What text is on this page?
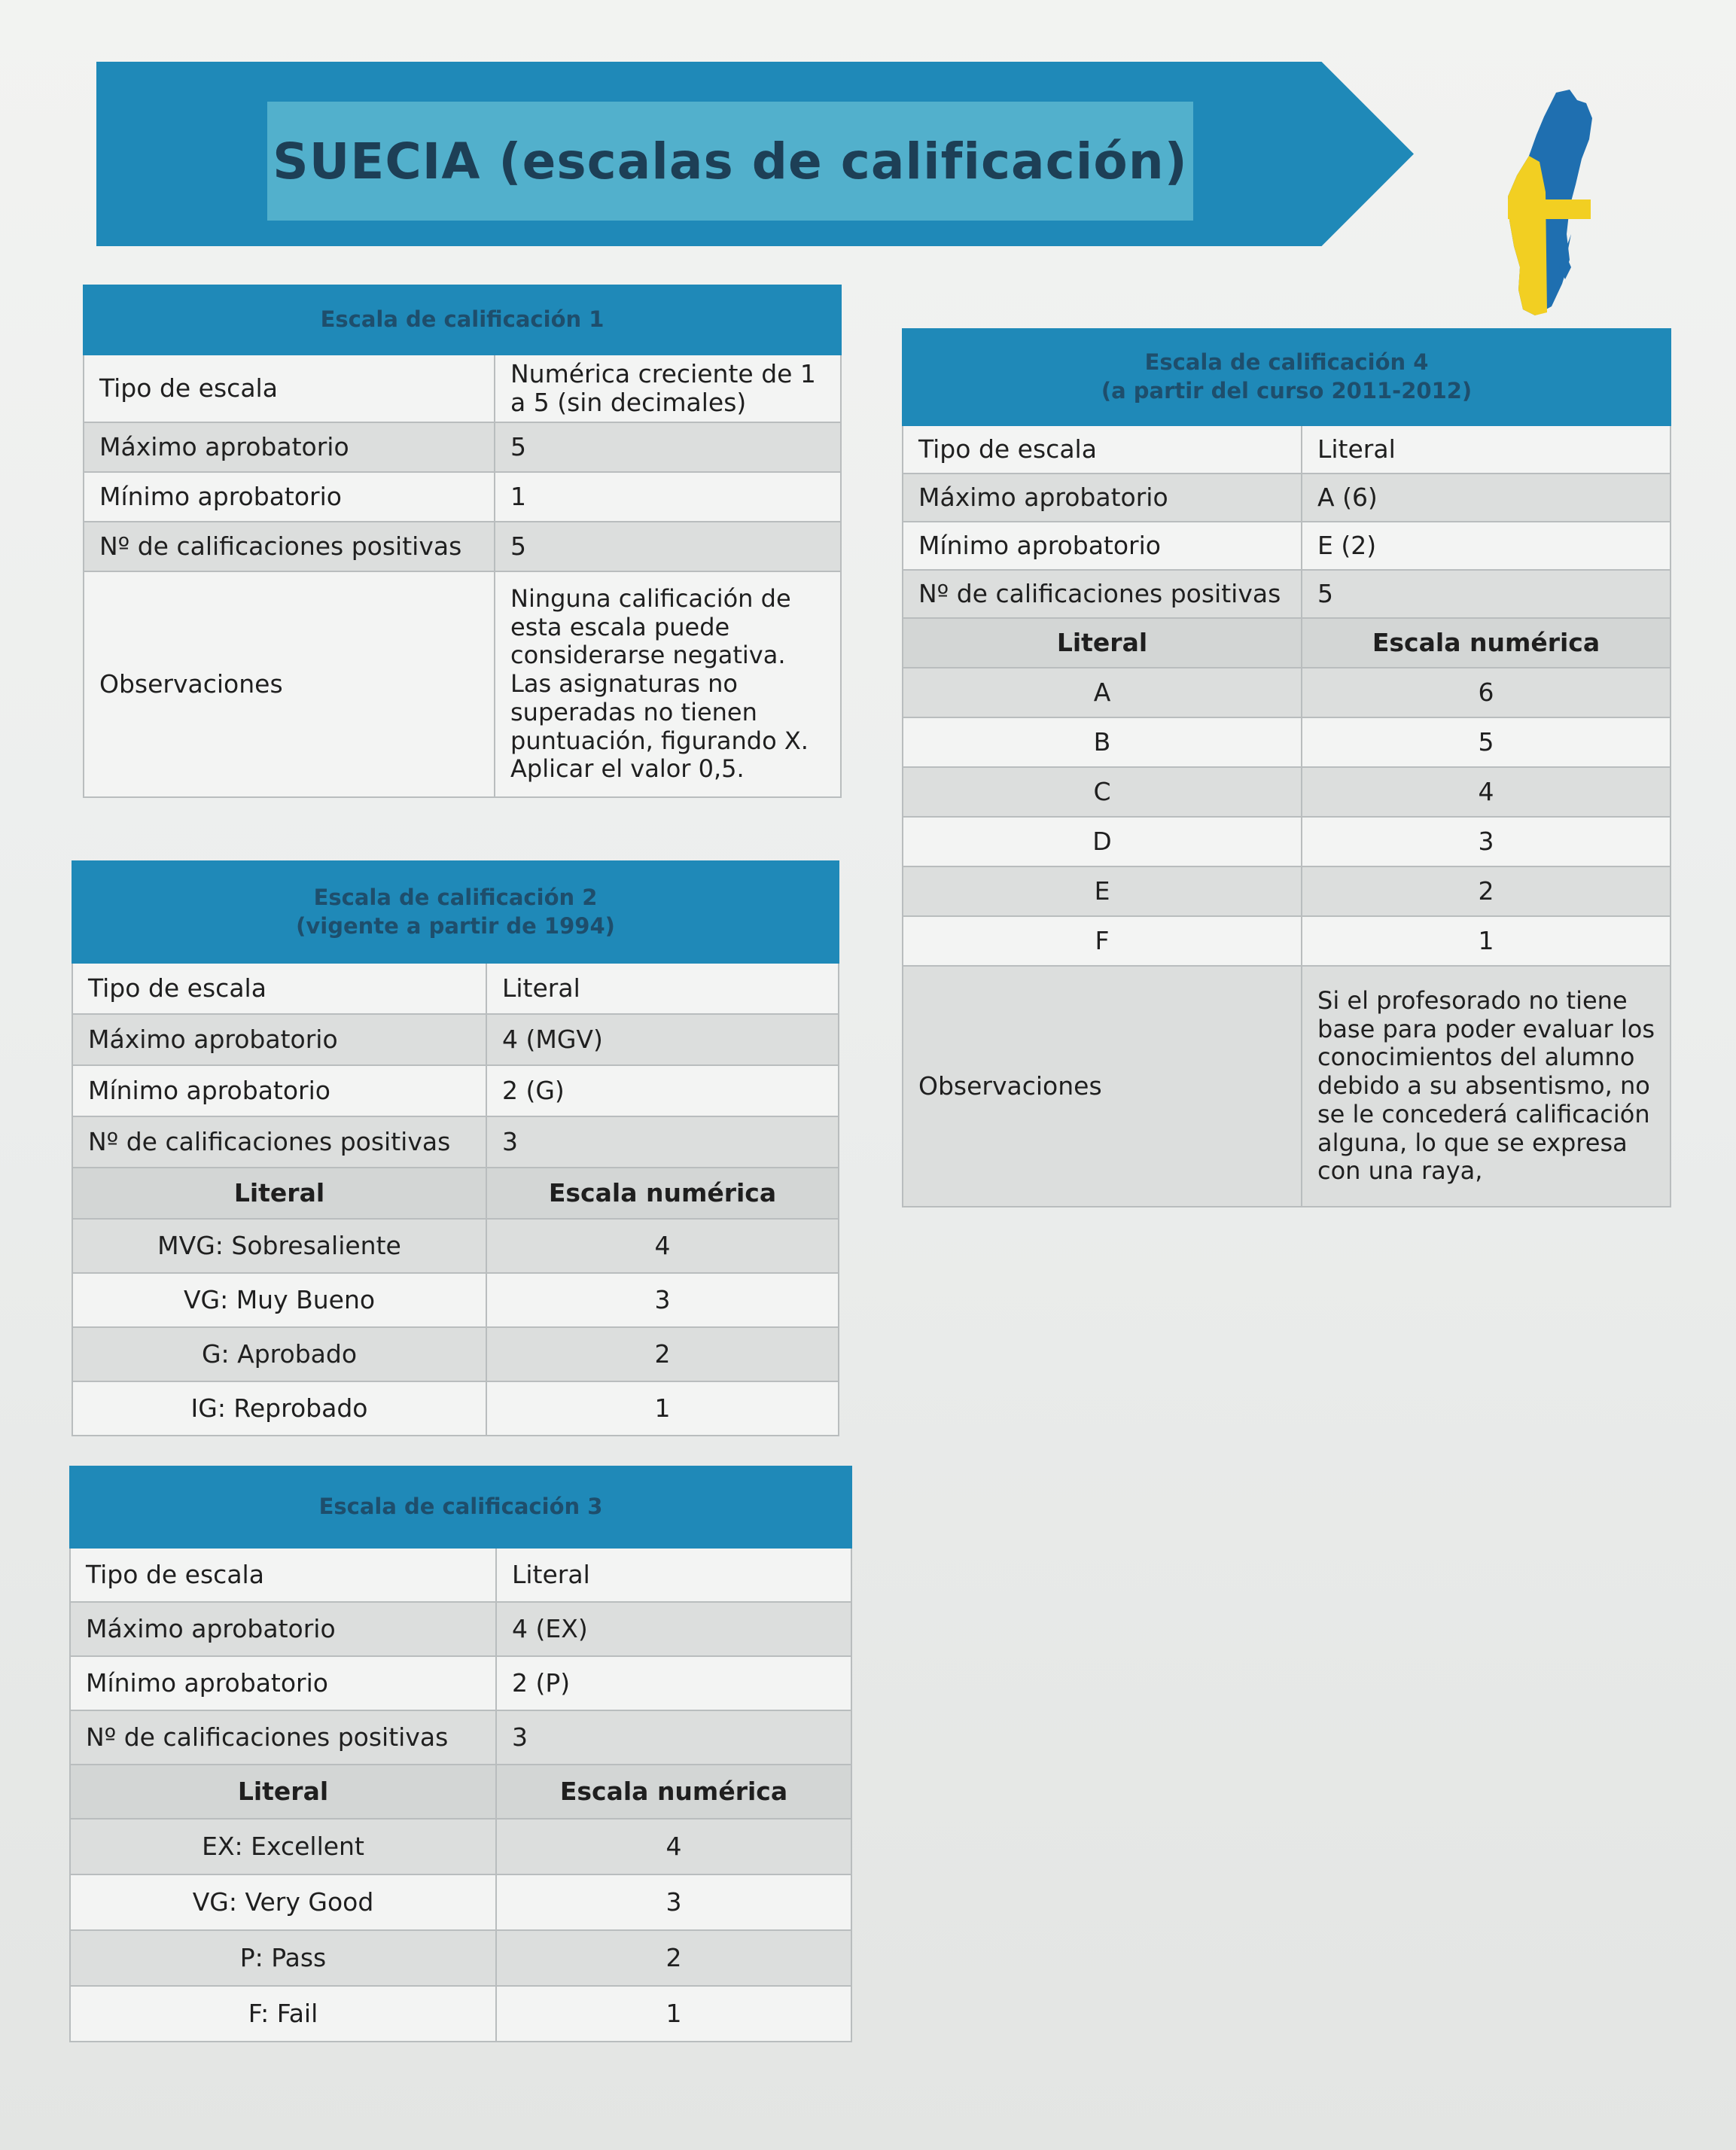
SUECIA (escalas de calificación)
Escala de calificación 1	
Tipo de escala	Numérica creciente de 1 a 5 (sin decimales)
Máximo aprobatorio	5
Mínimo aprobatorio	1
Nº de calificaciones positivas	5
Observaciones	Ninguna calificación de esta escala puede considerarse negativa. Las asignaturas no superadas no tienen puntuación, figurando X. Aplicar el valor 0,5.
Escala de calificación 2
(vigente a partir de 1994)	
Tipo de escala	Literal
Máximo aprobatorio	4 (MGV)
Mínimo aprobatorio	2 (G)
Nº de calificaciones positivas	3
Literal	Escala numérica
MVG: Sobresaliente	4
VG: Muy Bueno	3
G: Aprobado	2
IG: Reprobado	1
Escala de calificación 3	
Tipo de escala	Literal
Máximo aprobatorio	4 (EX)
Mínimo aprobatorio	2 (P)
Nº de calificaciones positivas	3
Literal	Escala numérica
EX: Excellent	4
VG: Very Good	3
P: Pass	2
F: Fail	1
Escala de calificación 4
(a partir del curso 2011-2012)	
Tipo de escala	Literal
Máximo aprobatorio	A (6)
Mínimo aprobatorio	E (2)
Nº de calificaciones positivas	5
Literal	Escala numérica
A	6
B	5
C	4
D	3
E	2
F	1
Observaciones	Si el profesorado no tiene base para poder evaluar los conocimientos del alumno debido a su absentismo, no se le concederá calificación alguna, lo que se expresa con una raya,
